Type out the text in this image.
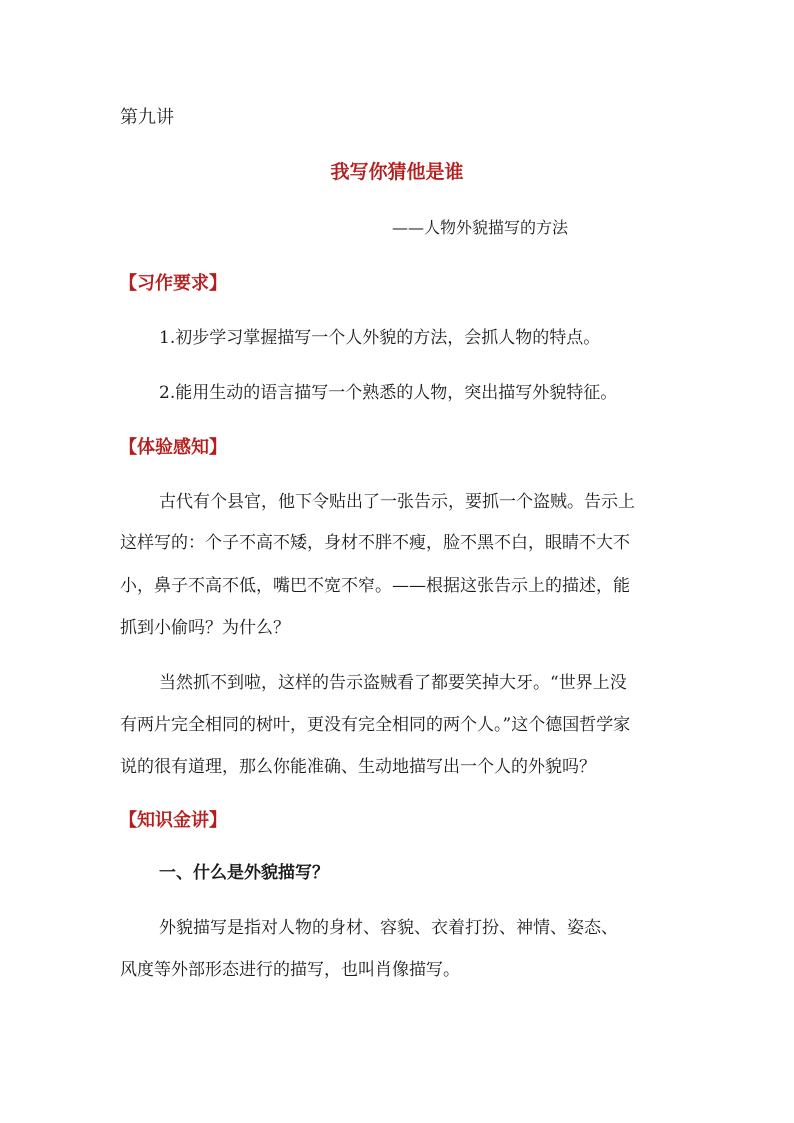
第九讲
我写你猜他是谁
——人物外貌描写的方法
【习作要求】
1.初步学习掌握描写一个人外貌的方法，会抓人物的特点。
2.能用生动的语言描写一个熟悉的人物，突出描写外貌特征。
【体验感知】
古代有个县官，他下令贴出了一张告示，要抓一个盗贼。告示上
这样写的：个子不高不矮，身材不胖不瘦，脸不黑不白，眼睛不大不
小，鼻子不高不低，嘴巴不宽不窄。——根据这张告示上的描述，能
抓到小偷吗？为什么？
当然抓不到啦，这样的告示盗贼看了都要笑掉大牙。“世界上没
有两片完全相同的树叶，更没有完全相同的两个人。”这个德国哲学家
说的很有道理，那么你能准确、生动地描写出一个人的外貌吗？
【知识金讲】
一、什么是外貌描写？
外貌描写是指对人物的身材、容貌、衣着打扮、神情、姿态、
风度等外部形态进行的描写，也叫肖像描写。
